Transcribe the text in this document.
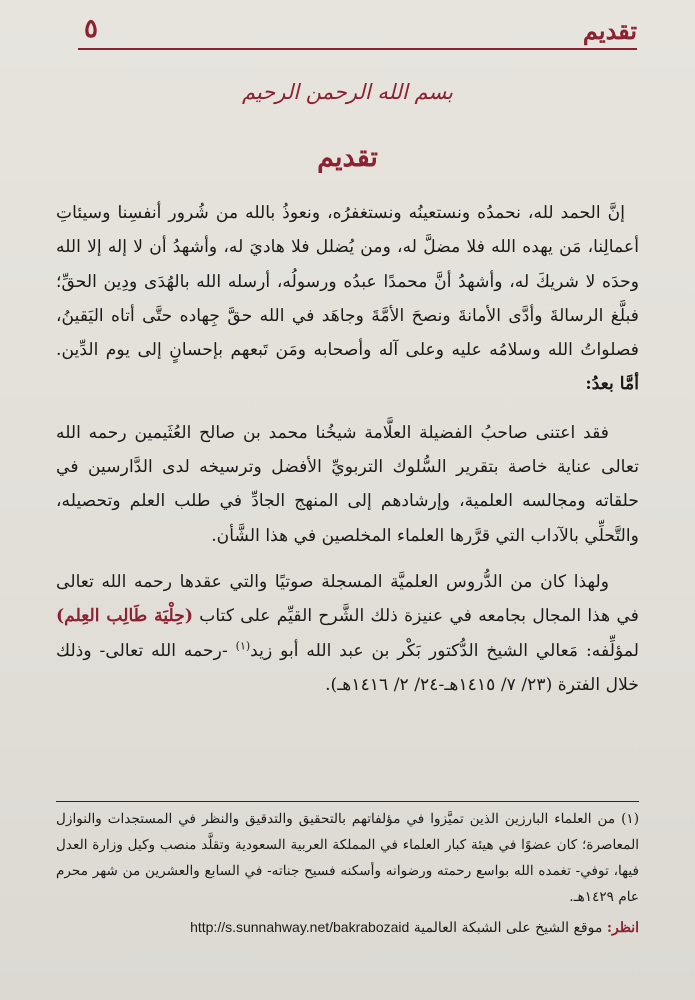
تقديم
٥
بسم الله الرحمن الرحيم
تقديم

إنَّ الحمد لله، نحمدُه ونستعينُه ونستغفرُه، ونعوذُ بالله من شُرور أنفسِنا وسيئاتِ أعمالِنا، مَن يهده الله فلا مضلَّ له، ومن يُضلل فلا هاديَ له، وأشهدُ أن لا إله إلا الله وحدَه لا شريكَ له، وأشهدُ أنَّ محمدًا عبدُه ورسولُه، أرسله الله بالهُدَى ودِين الحقِّ؛ فبلَّغ الرسالةَ وأدَّى الأمانةَ ونصحَ الأمَّةَ وجاهَد في الله حقَّ جِهاده حتَّى أتاه اليَقينُ، فصلواتُ الله وسلامُه عليه وعلى آله وأصحابه ومَن تَبعهم بإحسانٍ إلى يوم الدِّين. أمَّا بعدُ:

فقد اعتنى صاحبُ الفضيلة العلَّامة شيخُنا محمد بن صالح العُثَيمين رحمه الله تعالى عناية خاصة بتقرير السُّلوك التربويِّ الأفضل وترسيخه لدى الدَّارسين في حلقاته ومجالسه العلمية، وإرشادهم إلى المنهج الجادِّ في طلب العلم وتحصيله، والتَّحلِّي بالآداب التي قرَّرها العلماء المخلصين في هذا الشَّأن.

ولهذا كان من الدُّروس العلميَّة المسجلة صوتيًا والتي عقدها رحمه الله تعالى في هذا المجال بجامعه في عنيزة ذلك الشَّرح القيِّم على كتاب (حِلْيَة طَالِب العِلم) لمؤلِّفه: مَعالي الشيخ الدُّكتور بَكْر بن عبد الله أبو زيد$^{(١)}$ -رحمه الله تعالى- وذلك خلال الفترة (٢٣/ ٧/ ١٤١٥هـ-٢٤/ ٢/ ١٤١٦هـ).

(١) من العلماء البارزين الذين تميَّزوا في مؤلفاتهم بالتحقيق والتدقيق والنظر في المستجدات والنوازل المعاصرة؛ كان عضوًا في هيئة كبار العلماء في المملكة العربية السعودية وتقلَّد منصب وكيل وزارة العدل فيها، توفي- تغمده الله بواسع رحمته ورضوانه وأسكنه فسيح جناته- في السابع والعشرين من شهر محرم عام ١٤٢٩هـ.

انظر: موقع الشيخ على الشبكة العالمية http://s.sunnahway.net/bakrabozaid
